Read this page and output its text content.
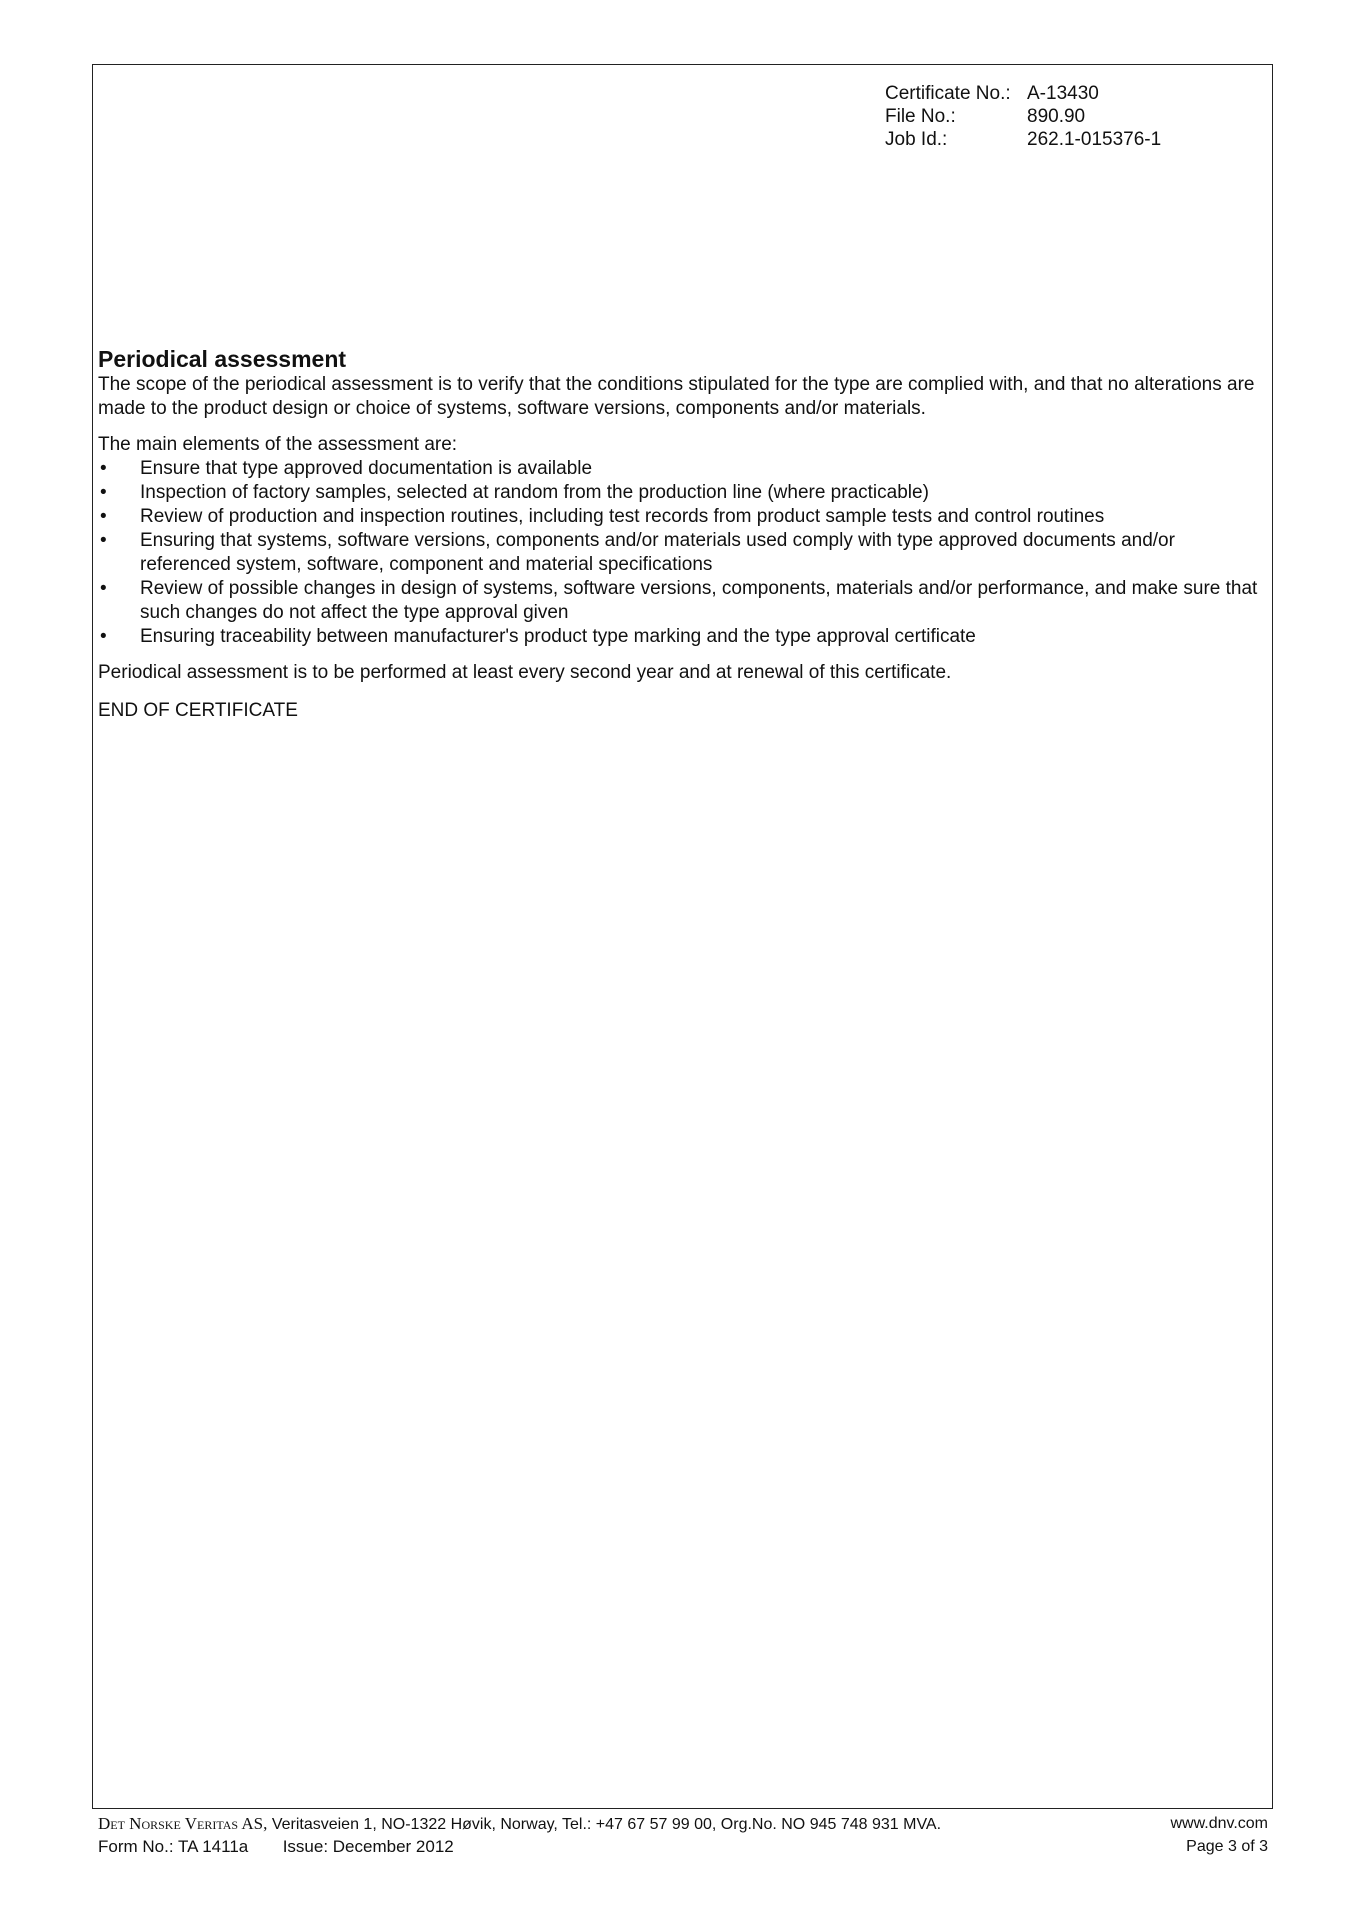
Certificate No.: A-13430
File No.:	890.90
Job Id.:	262.1-015376-1
Periodical assessment

The scope of the periodical assessment is to verify that the conditions stipulated for the type are complied with, and that no alterations are made to the product design or choice of systems, software versions, components and/or materials.

The main elements of the assessment are:

• Ensure that type approved documentation is available
• Inspection of factory samples, selected at random from the production line (where practicable)
• Review of production and inspection routines, including test records from product sample tests and control routines
• Ensuring that systems, software versions, components and/or materials used comply with type approved documents and/or referenced system, software, component and material specifications
• Review of possible changes in design of systems, software versions, components, materials and/or performance, and make sure that such changes do not affect the type approval given
• Ensuring traceability between manufacturer's product type marking and the type approval certificate

Periodical assessment is to be performed at least every second year and at renewal of this certificate.

END OF CERTIFICATE

Det Norske Veritas AS, Veritasveien 1, NO-1322 Høvik, Norway, Tel.: +47 67 57 99 00, Org.No. NO 945 748 931 MVA.	www.dnv.com
Form No.: TA 1411a Issue: December 2012	Page 3 of 3
